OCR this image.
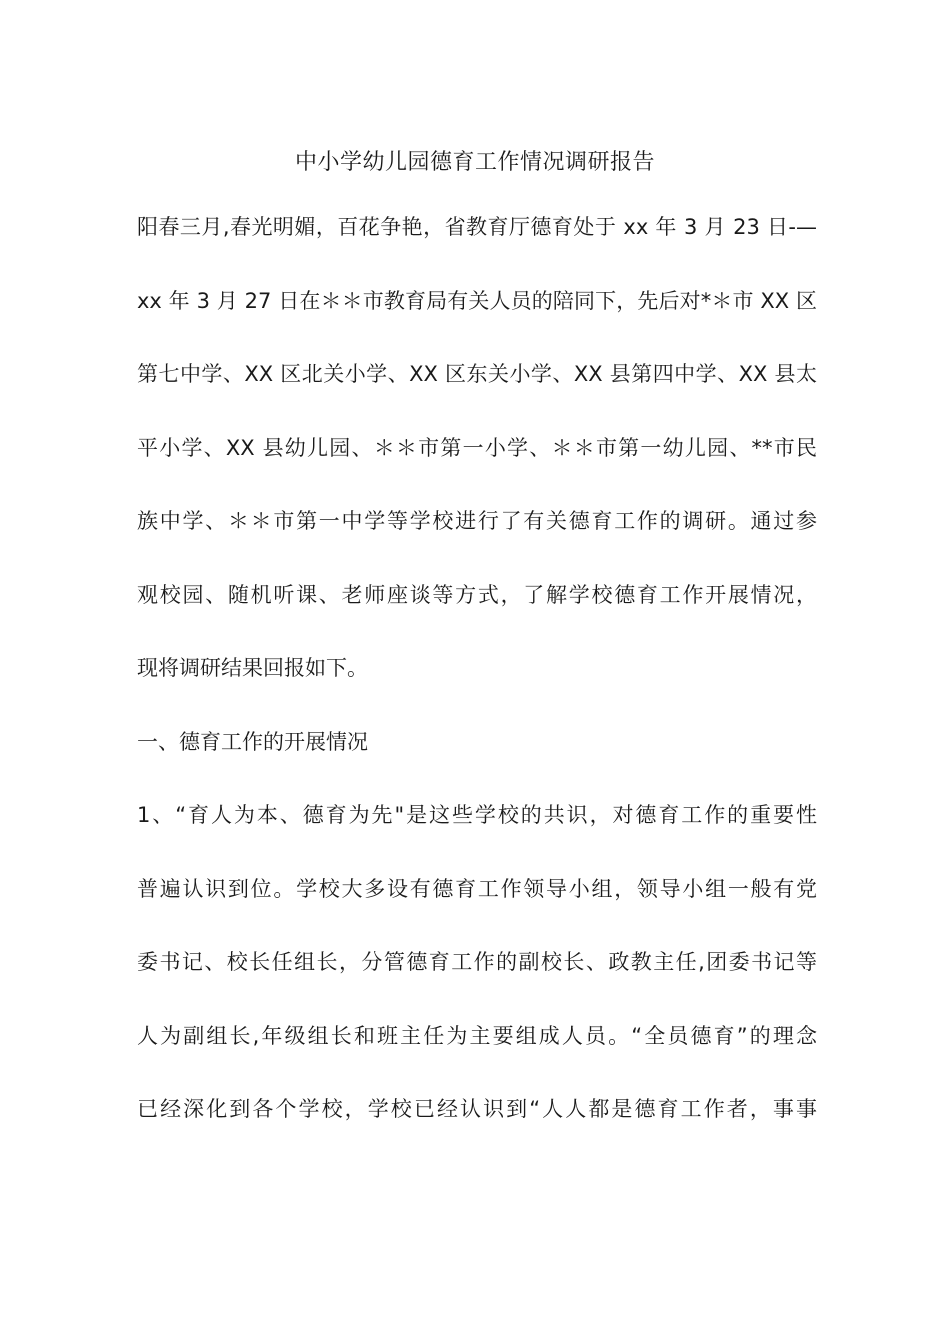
中小学幼儿园德育工作情况调研报告
阳春三月,春光明媚，百花争艳，省教育厅德育处于 xx 年 3 月 23 日-—
xx 年 3 月 27 日在＊＊市教育局有关人员的陪同下，先后对*＊市 XX 区
第七中学、XX 区北关小学、XX 区东关小学、XX 县第四中学、XX 县太
平小学、XX 县幼儿园、＊＊市第一小学、＊＊市第一幼儿园、**市民
族中学、＊＊市第一中学等学校进行了有关德育工作的调研。通过参
观校园、随机听课、老师座谈等方式，了解学校德育工作开展情况，
现将调研结果回报如下。
一、德育工作的开展情况
1、“育人为本、德育为先"是这些学校的共识，对德育工作的重要性
普遍认识到位。学校大多设有德育工作领导小组，领导小组一般有党
委书记、校长任组长，分管德育工作的副校长、政教主任,团委书记等
人为副组长,年级组长和班主任为主要组成人员。“全员德育”的理念
已经深化到各个学校，学校已经认识到“人人都是德育工作者，事事
